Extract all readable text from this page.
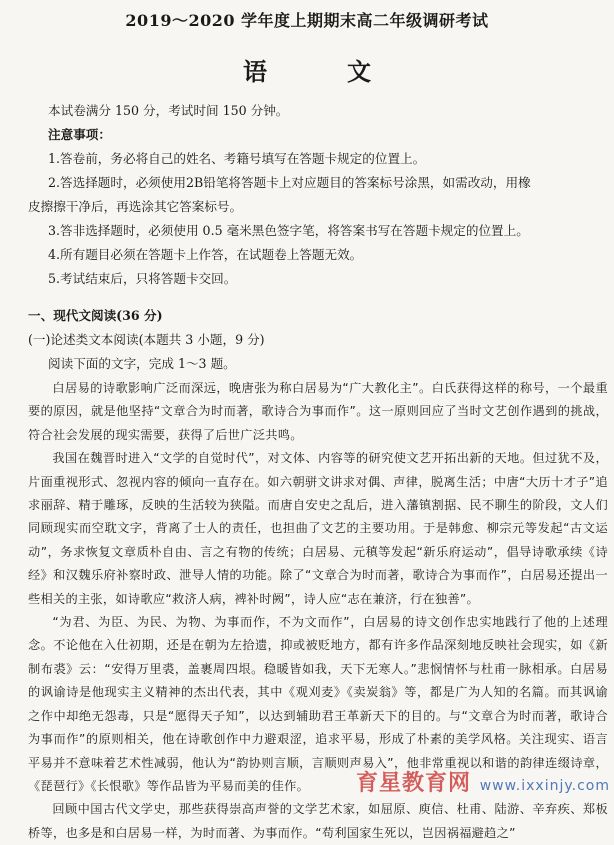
2019～2020 学年度上期期末高二年级调研考试
语　文
本试卷满分 150 分，考试时间 150 分钟。
注意事项：
1.答卷前，务必将自己的姓名、考籍号填写在答题卡规定的位置上。
2.答选择题时，必须使用2B铅笔将答题卡上对应题目的答案标号涂黑，如需改动，用橡
皮擦擦干净后，再选涂其它答案标号。
3.答非选择题时，必须使用 0.5 毫米黑色签字笔，将答案书写在答题卡规定的位置上。
4.所有题目必须在答题卡上作答，在试题卷上答题无效。
5.考试结束后，只将答题卡交回。
一、现代文阅读(36 分)
(一)论述类文本阅读(本题共 3 小题，9 分)
阅读下面的文字，完成 1～3 题。

白居易的诗歌影响广泛而深远，晚唐张为称白居易为“广大教化主”。白氏获得这样的称号，一个最重要的原因，就是他坚持“文章合为时而著，歌诗合为事而作”。这一原则回应了当时文艺创作遇到的挑战，符合社会发展的现实需要，获得了后世广泛共鸣。

我国在魏晋时进入“文学的自觉时代”，对文体、内容等的研究使文艺开拓出新的天地。但过犹不及，片面重视形式、忽视内容的倾向一直存在。如六朝骈文讲求对偶、声律，脱离生活；中唐“大历十才子”追求丽辞、精于雕琢，反映的生活较为狭隘。而唐自安史之乱后，进入藩镇割据、民不聊生的阶段，文人们同顾现实而空耽文字，背离了士人的责任，也担曲了文艺的主要功用。于是韩愈、柳宗元等发起“古文运动”，务求恢复文章质朴自由、言之有物的传统；白居易、元稹等发起“新乐府运动”，倡导诗歌承续《诗经》和汉魏乐府补察时政、泄导人情的功能。除了“文章合为时而著，歌诗合为事而作”，白居易还提出一些相关的主张，如诗歌应“救济人病，裨补时阙”，诗人应“志在兼济，行在独善”。

“为君、为臣、为民、为物、为事而作，不为文而作”，白居易的诗文创作忠实地践行了他的上述理念。不论他在入仕初期，还是在朝为左拾遗，抑或被贬地方，都有许多作品深刻地反映社会现实，如《新制布裘》云：“安得万里裘，盖裹周四垠。稳暖皆如我，天下无寒人。”悲悯情怀与杜甫一脉相承。白居易的讽谕诗是他现实主义精神的杰出代表，其中《观刈麦》《卖炭翁》等，都是广为人知的名篇。而其讽谕之作中却绝无怨毒，只是“愿得天子知”，以达到辅助君王革新天下的目的。与“文章合为时而著，歌诗合为事而作”的原则相关，他在诗歌创作中力避艰涩，追求平易，形成了朴素的美学风格。关注现实、语言平易并不意味着艺术性减弱，他认为“韵协则言顺，言顺则声易入”，他非常重视以和谐的韵律连缀诗章，《琵琶行》《长恨歌》等作品皆为平易而美的佳作。

回顾中国古代文学史，那些获得崇高声誉的文学艺术家，如屈原、庾信、杜甫、陆游、辛弃疾、郑板桥等，也多是和白居易一样，为时而著、为事而作。“苟利国家生死以，岂因祸福避趋之”

育星教育网 www.ixxinjy.com
